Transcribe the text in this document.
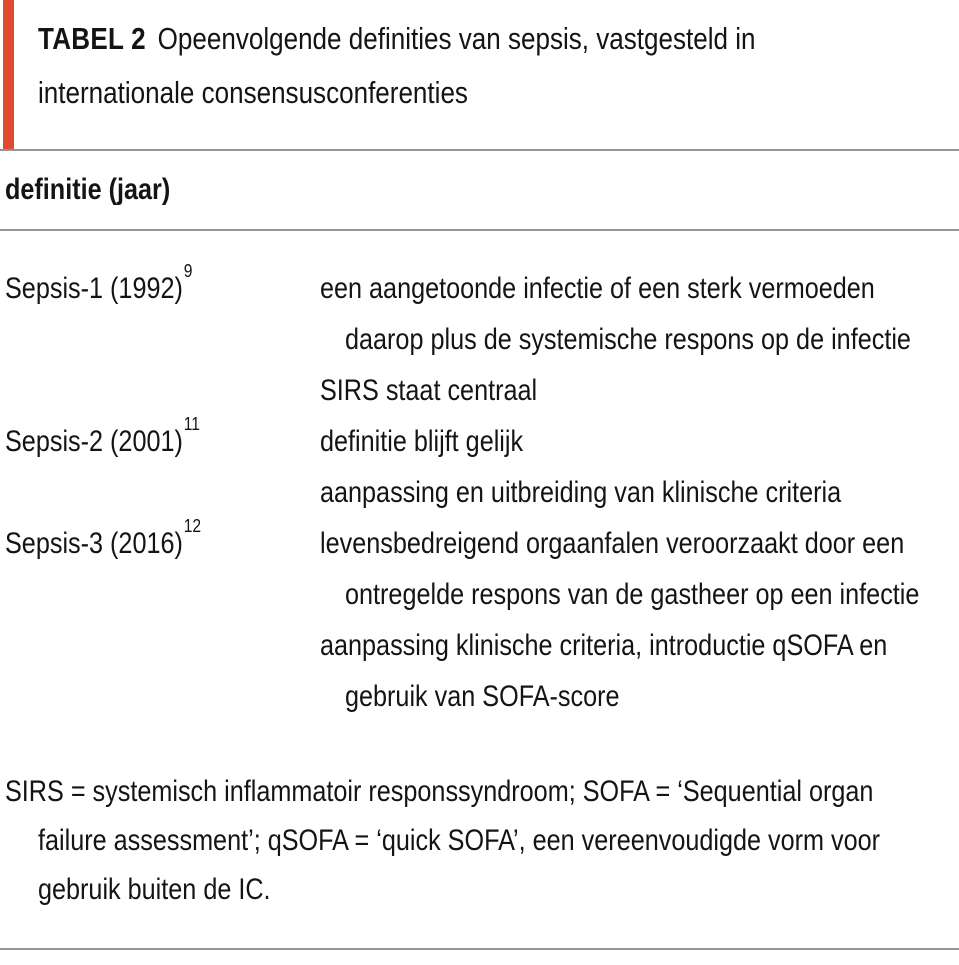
TABEL 2 Opeenvolgende definities van sepsis, vastgesteld in
internationale consensusconferenties
definitie (jaar)
Sepsis-1 (1992)$^9$
een aangetoonde infectie of een sterk vermoeden
daarop plus de systemische respons op de infectie
SIRS staat centraal
Sepsis-2 (2001)$^{11}$
definitie blijft gelijk
aanpassing en uitbreiding van klinische criteria
Sepsis-3 (2016)$^{12}$
levensbedreigend orgaanfalen veroorzaakt door een
ontregelde respons van de gastheer op een infectie
aanpassing klinische criteria, introductie qSOFA en
gebruik van SOFA-score
SIRS = systemisch inflammatoir responssyndroom; SOFA = ‘Sequential organ
failure assessment’; qSOFA = ‘quick SOFA’, een vereenvoudigde vorm voor
gebruik buiten de IC.
